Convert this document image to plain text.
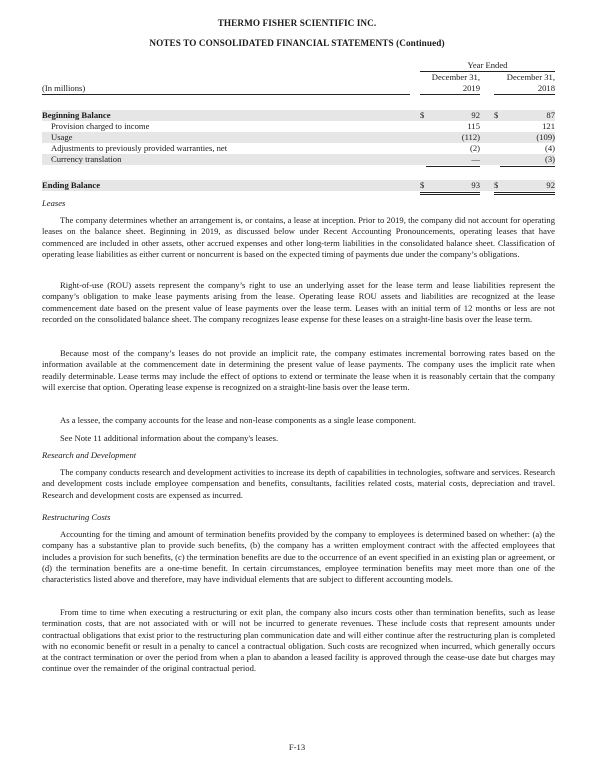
THERMO FISHER SCIENTIFIC INC.
NOTES TO CONSOLIDATED FINANCIAL STATEMENTS (Continued)
Year Ended
December 31,
2019
December 31,
2018
(In millions)
Beginning Balance	$	92 $	87
Provision charged to income	115	121
Usage	(112)	(109)
Adjustments to previously provided warranties, net	(2)	(4)
Currency translation	—	(3)
Ending Balance	$	93 $	92
Leases

The company determines whether an arrangement is, or contains, a lease at inception. Prior to 2019, the company did not account for operating leases on the balance sheet. Beginning in 2019, as discussed below under Recent Accounting Pronouncements, operating leases that have commenced are included in other assets, other accrued expenses and other long-term liabilities in the consolidated balance sheet. Classification of operating lease liabilities as either current or noncurrent is based on the expected timing of payments due under the company’s obligations.

Right-of-use (ROU) assets represent the company’s right to use an underlying asset for the lease term and lease liabilities represent the company’s obligation to make lease payments arising from the lease. Operating lease ROU assets and liabilities are recognized at the lease commencement date based on the present value of lease payments over the lease term. Leases with an initial term of 12 months or less are not recorded on the consolidated balance sheet. The company recognizes lease expense for these leases on a straight-line basis over the lease term.

Because most of the company’s leases do not provide an implicit rate, the company estimates incremental borrowing rates based on the information available at the commencement date in determining the present value of lease payments. The company uses the implicit rate when readily determinable. Lease terms may include the effect of options to extend or terminate the lease when it is reasonably certain that the company will exercise that option. Operating lease expense is recognized on a straight-line basis over the lease term.

As a lessee, the company accounts for the lease and non-lease components as a single lease component.

See Note 11 additional information about the company's leases.

Research and Development

The company conducts research and development activities to increase its depth of capabilities in technologies, software and services. Research and development costs include employee compensation and benefits, consultants, facilities related costs, material costs, depreciation and travel. Research and development costs are expensed as incurred.

Restructuring Costs

Accounting for the timing and amount of termination benefits provided by the company to employees is determined based on whether: (a) the company has a substantive plan to provide such benefits, (b) the company has a written employment contract with the affected employees that includes a provision for such benefits, (c) the termination benefits are due to the occurrence of an event specified in an existing plan or agreement, or (d) the termination benefits are a one-time benefit. In certain circumstances, employee termination benefits may meet more than one of the characteristics listed above and therefore, may have individual elements that are subject to different accounting models.

From time to time when executing a restructuring or exit plan, the company also incurs costs other than termination benefits, such as lease termination costs, that are not associated with or will not be incurred to generate revenues. These include costs that represent amounts under contractual obligations that exist prior to the restructuring plan communication date and will either continue after the restructuring plan is completed with no economic benefit or result in a penalty to cancel a contractual obligation. Such costs are recognized when incurred, which generally occurs at the contract termination or over the period from when a plan to abandon a leased facility is approved through the cease-use date but charges may continue over the remainder of the original contractual period.

F-13
